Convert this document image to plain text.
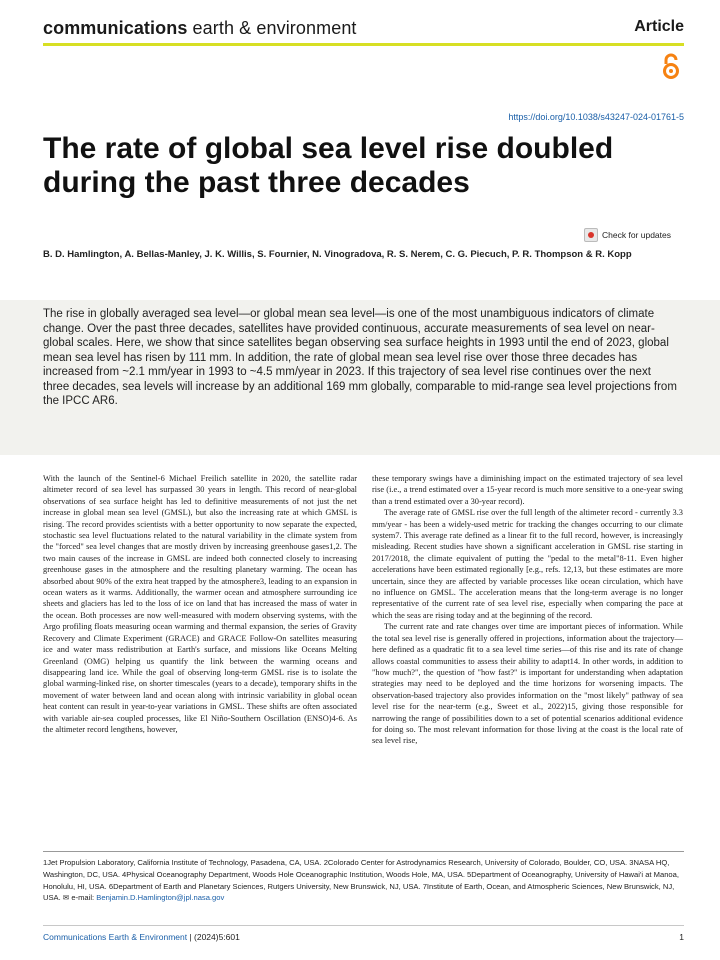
communications earth & environment	Article
https://doi.org/10.1038/s43247-024-01761-5
The rate of global sea level rise doubled during the past three decades
Check for updates
B. D. Hamlington, A. Bellas-Manley, J. K. Willis, S. Fournier, N. Vinogradova, R. S. Nerem, C. G. Piecuch, P. R. Thompson & R. Kopp
The rise in globally averaged sea level—or global mean sea level—is one of the most unambiguous indicators of climate change. Over the past three decades, satellites have provided continuous, accurate measurements of sea level on near-global scales. Here, we show that since satellites began observing sea surface heights in 1993 until the end of 2023, global mean sea level has risen by 111 mm. In addition, the rate of global mean sea level rise over those three decades has increased from ~2.1 mm/year in 1993 to ~4.5 mm/year in 2023. If this trajectory of sea level rise continues over the next three decades, sea levels will increase by an additional 169 mm globally, comparable to mid-range sea level projections from the IPCC AR6.

With the launch of the Sentinel-6 Michael Freilich satellite in 2020, the satellite radar altimeter record of sea level has surpassed 30 years in length. This record of near-global observations of sea surface height has led to definitive measurements of not just the net increase in global mean sea level (GMSL), but also the increasing rate at which GMSL is rising. The record provides scientists with a better opportunity to now separate the expected, stochastic sea level fluctuations related to the natural variability in the climate system from the "forced" sea level changes that are mostly driven by increasing greenhouse gases1,2. The two main causes of the increase in GMSL are indeed both connected closely to increasing greenhouse gases in the atmosphere and the resulting planetary warming. The ocean has absorbed about 90% of the extra heat trapped by the atmosphere3, leading to an expansion in ocean waters as it warms. Additionally, the warmer ocean and atmosphere surrounding ice sheets and glaciers has led to the loss of ice on land that has increased the mass of water in the ocean. Both processes are now well-measured with modern observing systems, with the Argo profiling floats measuring ocean warming and thermal expansion, the series of Gravity Recovery and Climate Experiment (GRACE) and GRACE Follow-On satellites measuring ice and water mass redistribution at Earth's surface, and missions like Oceans Melting Greenland (OMG) helping us quantify the link between the warming oceans and disappearing land ice. While the goal of observing long-term GMSL rise is to isolate the global warming-linked rise, on shorter timescales (years to a decade), temporary shifts in the movement of water between land and ocean along with intrinsic variability in global ocean heat content can result in year-to-year variations in GMSL. These shifts are often associated with variable air-sea coupled processes, like El Niño-Southern Oscillation (ENSO)4-6. As the altimeter record lengthens, however,

these temporary swings have a diminishing impact on the estimated trajectory of sea level rise (i.e., a trend estimated over a 15-year record is much more sensitive to a one-year swing than a trend estimated over a 30-year record).

The average rate of GMSL rise over the full length of the altimeter record - currently 3.3 mm/year - has been a widely-used metric for tracking the changes occurring to our climate system7. This average rate defined as a linear fit to the full record, however, is increasingly misleading. Recent studies have shown a significant acceleration in GMSL rise starting in 2017/2018, the climate equivalent of putting the "pedal to the metal"8-11. Even higher accelerations have been estimated regionally [e.g., refs. 12,13, but these estimates are more uncertain, since they are affected by variable processes like ocean circulation, which have no influence on GMSL. The acceleration means that the long-term average is no longer representative of the current rate of sea level rise, especially when comparing the pace at which the seas are rising today and at the beginning of the record.

The current rate and rate changes over time are important pieces of information. While the total sea level rise is generally offered in projections, information about the trajectory—here defined as a quadratic fit to a sea level time series—of this rise and its rate of change allows coastal communities to assess their ability to adapt14. In other words, in addition to "how much?", the question of "how fast?" is important for understanding when adaptation strategies may need to be deployed and the time horizons for worsening impacts. The observation-based trajectory also provides information on the "most likely" pathway of sea level rise for the near-term (e.g., Sweet et al., 2022)15, giving those responsible for narrowing the range of possibilities down to a set of potential scenarios additional evidence for doing so. The most relevant information for those living at the coast is the local rate of sea level rise,

1Jet Propulsion Laboratory, California Institute of Technology, Pasadena, CA, USA. 2Colorado Center for Astrodynamics Research, University of Colorado, Boulder, CO, USA. 3NASA HQ, Washington, DC, USA. 4Physical Oceanography Department, Woods Hole Oceanographic Institution, Woods Hole, MA, USA. 5Department of Oceanography, University of Hawai'i at Manoa, Honolulu, HI, USA. 6Department of Earth and Planetary Sciences, Rutgers University, New Brunswick, NJ, USA. 7Institute of Earth, Ocean, and Atmospheric Sciences, New Brunswick, NJ, USA. ✉ e-mail: Benjamin.D.Hamlington@jpl.nasa.gov
Communications Earth & Environment | (2024)5:601	1
